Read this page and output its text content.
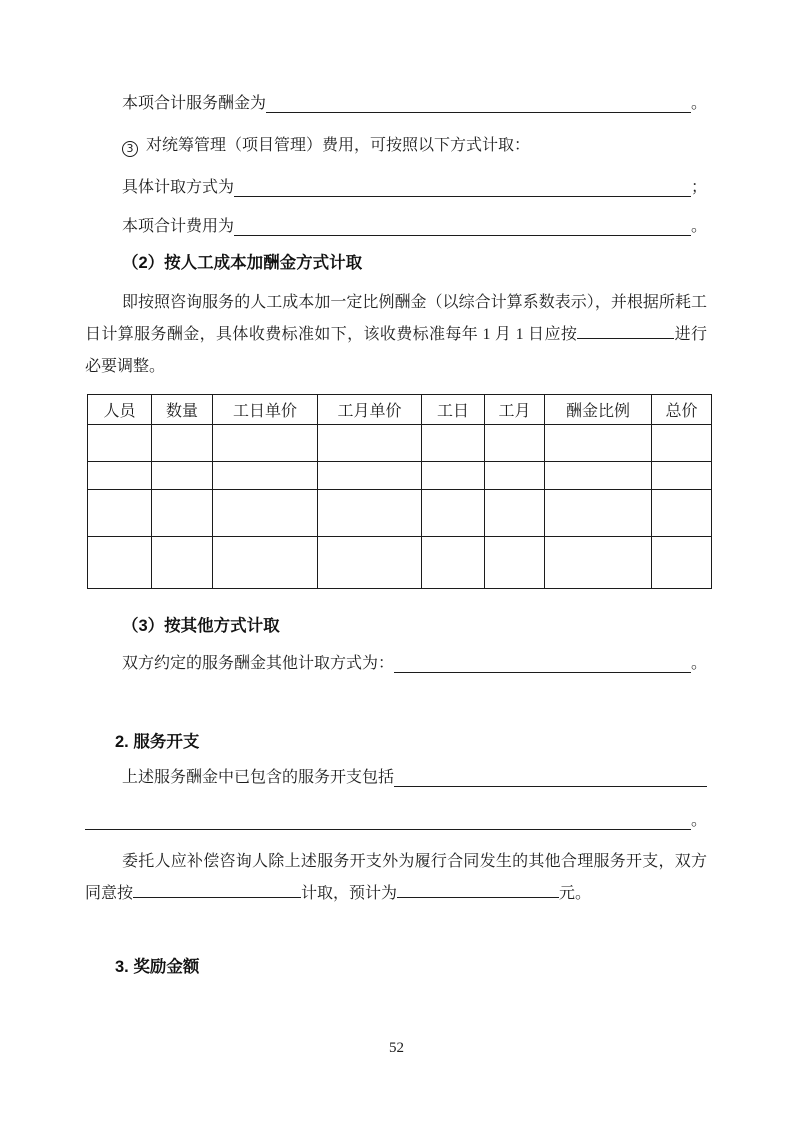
本项合计服务酬金为	。
3 对统筹管理（项目管理）费用，可按照以下方式计取：
具体计取方式为	；
本项合计费用为	。
（2）按人工成本加酬金方式计取

即按照咨询服务的人工成本加一定比例酬金（以综合计算系数表示），并根据所耗工日计算服务酬金，具体收费标准如下，该收费标准每年 1 月 1 日应按	进行必要调整。

人员	数量	工日单价	工月单价	工日	工月	酬金比例	总价

（3）按其他方式计取
双方约定的服务酬金其他计取方式为：	。
2. 服务开支
上述服务酬金中已包含的服务开支包括
。

委托人应补偿咨询人除上述服务开支外为履行合同发生的其他合理服务开支，双方同意按	计取，预计为	元。

3. 奖励金额
52
